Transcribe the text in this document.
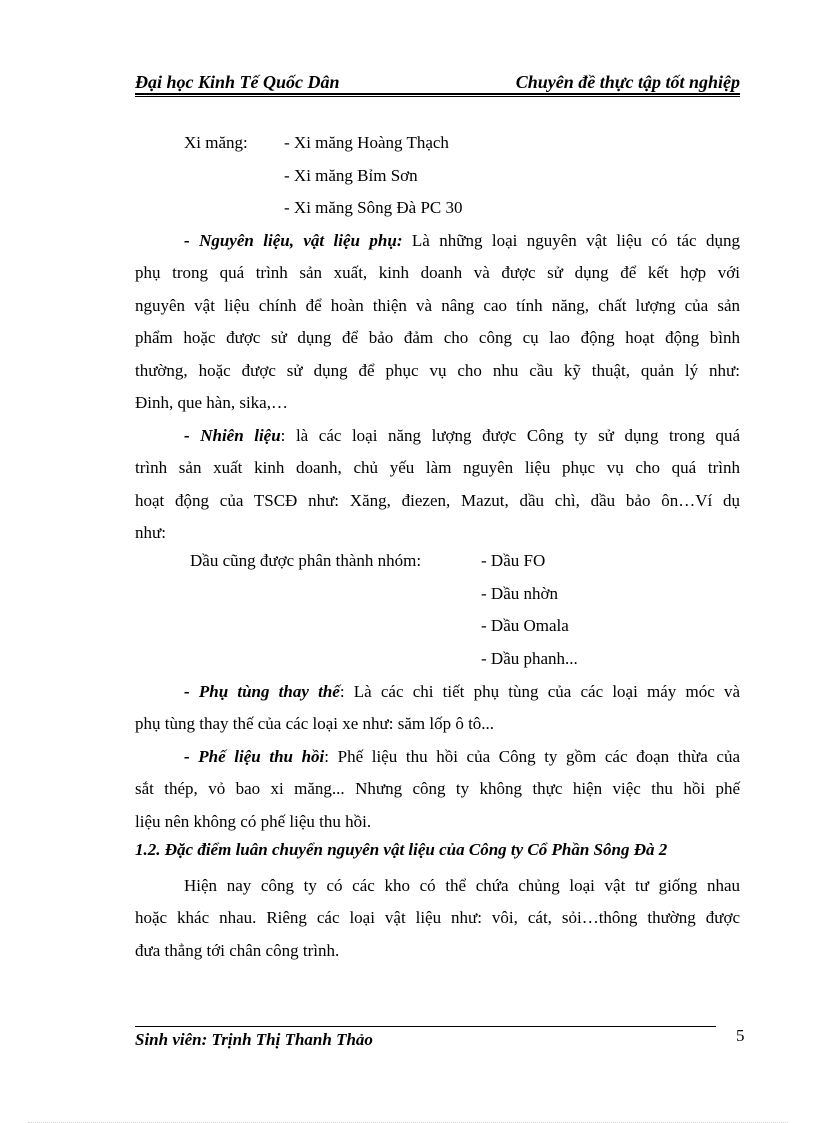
Đại học Kinh Tế Quốc Dân	Chuyên đề thực tập tốt nghiệp
Xi măng: - Xi măng Hoàng Thạch
- Xi măng Bỉm Sơn
- Xi măng Sông Đà PC 30
- Nguyên liệu, vật liệu phụ: Là những loại nguyên vật liệu có tác dụng
phụ trong quá trình sản xuất, kinh doanh và được sử dụng để kết hợp với
nguyên vật liệu chính để hoàn thiện và nâng cao tính năng, chất lượng của sản
phẩm hoặc được sử dụng để bảo đảm cho công cụ lao động hoạt động bình
thường, hoặc được sử dụng để phục vụ cho nhu cầu kỹ thuật, quản lý như:
Đinh, que hàn, sika,…
- Nhiên liệu: là các loại năng lượng được Công ty sử dụng trong quá
trình sản xuất kinh doanh, chủ yếu làm nguyên liệu phục vụ cho quá trình
hoạt động của TSCĐ như: Xăng, điezen, Mazut, dầu chì, dầu bảo ôn…Ví dụ
như:
Dầu cũng được phân thành nhóm:	- Dầu FO
- Dầu nhờn
- Dầu Omala
- Dầu phanh...
- Phụ tùng thay thế: Là các chi tiết phụ tùng của các loại máy móc và
phụ tùng thay thế của các loại xe như: săm lốp ô tô...
- Phế liệu thu hồi: Phế liệu thu hồi của Công ty gồm các đoạn thừa của
sắt thép, vỏ bao xi măng... Nhưng công ty không thực hiện việc thu hồi phế
liệu nên không có phế liệu thu hồi.
1.2. Đặc điểm luân chuyển nguyên vật liệu của Công ty Cổ Phần Sông Đà 2
Hiện nay công ty có các kho có thể chứa chủng loại vật tư giống nhau
hoặc khác nhau. Riêng các loại vật liệu như: vôi, cát, sỏi…thông thường được
đưa thẳng tới chân công trình.
Sinh viên: Trịnh Thị Thanh Thảo	5
